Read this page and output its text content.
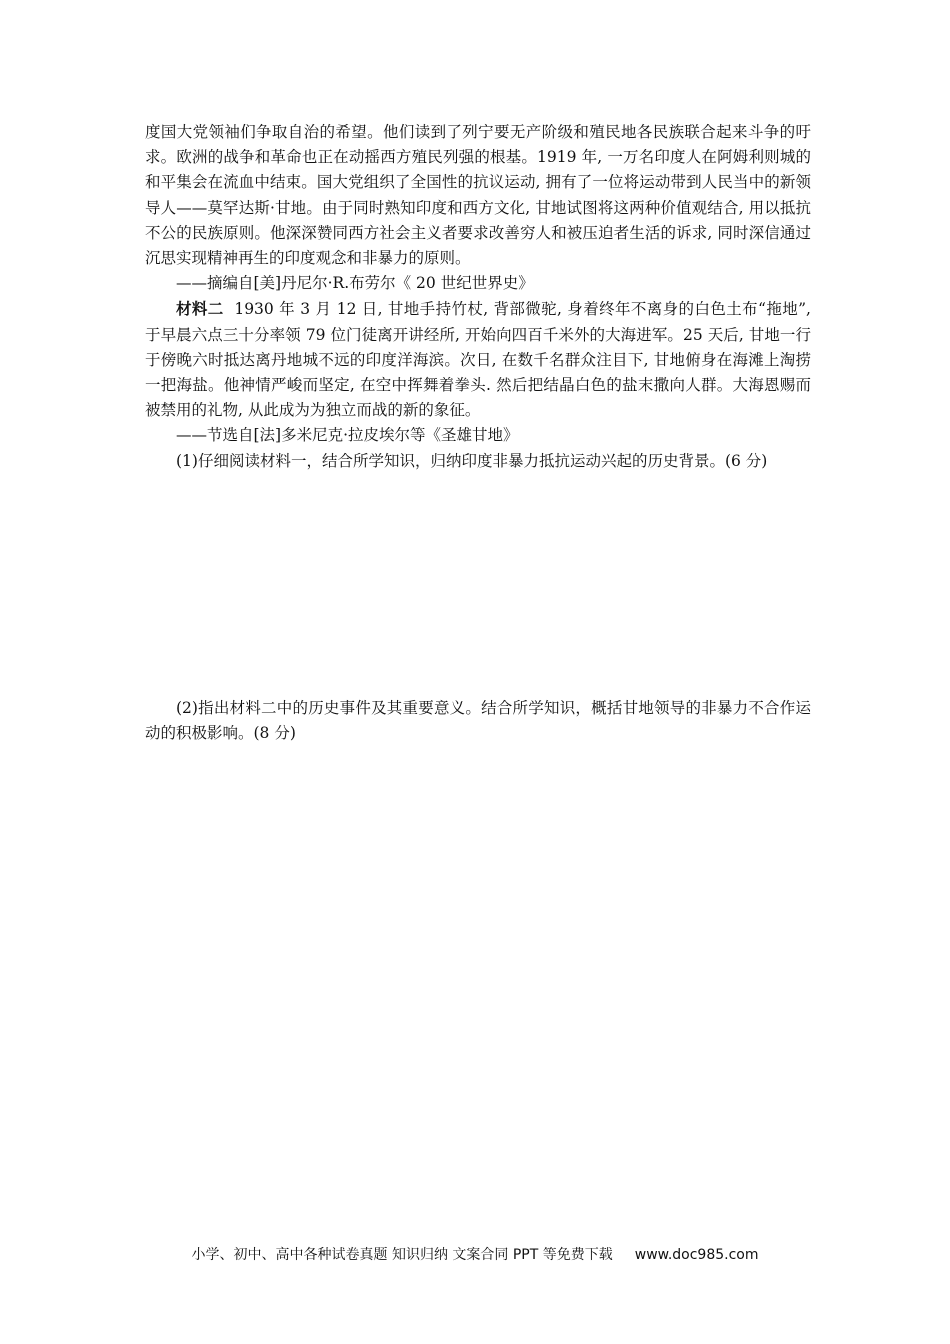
度国大党领袖们争取自治的希望。他们读到了列宁要无产阶级和殖民地各民族联合起来斗争的吁求。欧洲的战争和革命也正在动摇西方殖民列强的根基。1919 年, 一万名印度人在阿姆利则城的和平集会在流血中结束。国大党组织了全国性的抗议运动, 拥有了一位将运动带到人民当中的新领导人——莫罕达斯·甘地。由于同时熟知印度和西方文化, 甘地试图将这两种价值观结合, 用以抵抗不公的民族原则。他深深赞同西方社会主义者要求改善穷人和被压迫者生活的诉求, 同时深信通过沉思实现精神再生的印度观念和非暴力的原则。

——摘编自[美]丹尼尔·R.布劳尔《 20 世纪世界史》

材料二 1930 年 3 月 12 日, 甘地手持竹杖, 背部微驼, 身着终年不离身的白色土布“拖地”, 于早晨六点三十分率领 79 位门徒离开讲经所, 开始向四百千米外的大海进军。25 天后, 甘地一行于傍晚六时抵达离丹地城不远的印度洋海滨。次日, 在数千名群众注目下, 甘地俯身在海滩上淘捞一把海盐。他神情严峻而坚定, 在空中挥舞着拳头. 然后把结晶白色的盐末撒向人群。大海恩赐而被禁用的礼物, 从此成为为独立而战的新的象征。

——节选自[法]多米尼克·拉皮埃尔等《圣雄甘地》

(1)仔细阅读材料一，结合所学知识，归纳印度非暴力抵抗运动兴起的历史背景。(6 分)

(2)指出材料二中的历史事件及其重要意义。结合所学知识，概括甘地领导的非暴力不合作运动的积极影响。(8 分)

小学、初中、高中各种试卷真题 知识归纳 文案合同 PPT 等免费下载 www.doc985.com
